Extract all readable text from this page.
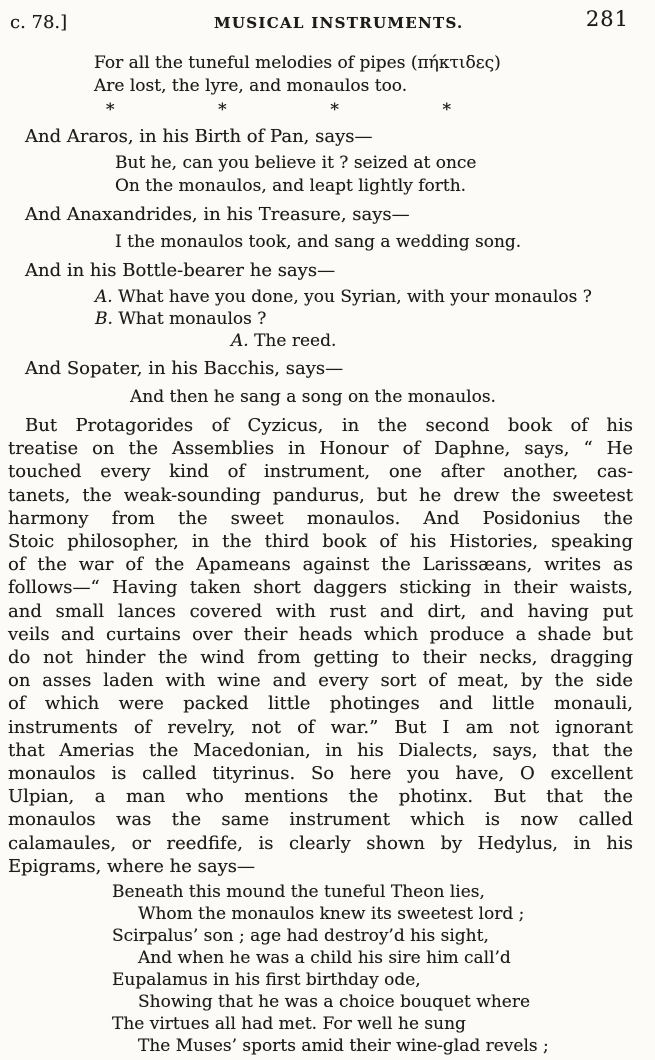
c. 78.]	MUSICAL INSTRUMENTS.	281
For all the tuneful melodies of pipes (πήκτιδες)
Are lost, the lyre, and monaulos too.
*	*	*	*
And Araros, in his Birth of Pan, says—
But he, can you believe it ? seized at once
On the monaulos, and leapt lightly forth.
And Anaxandrides, in his Treasure, says—
I the monaulos took, and sang a wedding song.
And in his Bottle-bearer he says—
A. What have you done, you Syrian, with your monaulos ?
B. What monaulos ?
A. The reed.
And Sopater, in his Bacchis, says—
And then he sang a song on the monaulos.
But Protagorides of Cyzicus, in the second book of his
treatise on the Assemblies in Honour of Daphne, says, “ He
touched every kind of instrument, one after another, cas-
tanets, the weak-sounding pandurus, but he drew the sweetest
harmony from the sweet monaulos. And Posidonius the
Stoic philosopher, in the third book of his Histories, speaking
of the war of the Apameans against the Larissæans, writes as
follows—“ Having taken short daggers sticking in their waists,
and small lances covered with rust and dirt, and having put
veils and curtains over their heads which produce a shade but
do not hinder the wind from getting to their necks, dragging
on asses laden with wine and every sort of meat, by the side
of which were packed little photinges and little monauli,
instruments of revelry, not of war.” But I am not ignorant
that Amerias the Macedonian, in his Dialects, says, that the
monaulos is called tityrinus. So here you have, O excellent
Ulpian, a man who mentions the photinx. But that the
monaulos was the same instrument which is now called
calamaules, or reedfife, is clearly shown by Hedylus, in his
Epigrams, where he says—
Beneath this mound the tuneful Theon lies,
Whom the monaulos knew its sweetest lord ;
Scirpalus’ son ; age had destroy’d his sight,
And when he was a child his sire him call’d
Eupalamus in his first birthday ode,
Showing that he was a choice bouquet where
The virtues all had met. For well he sung
The Muses’ sports amid their wine-glad revels ;
